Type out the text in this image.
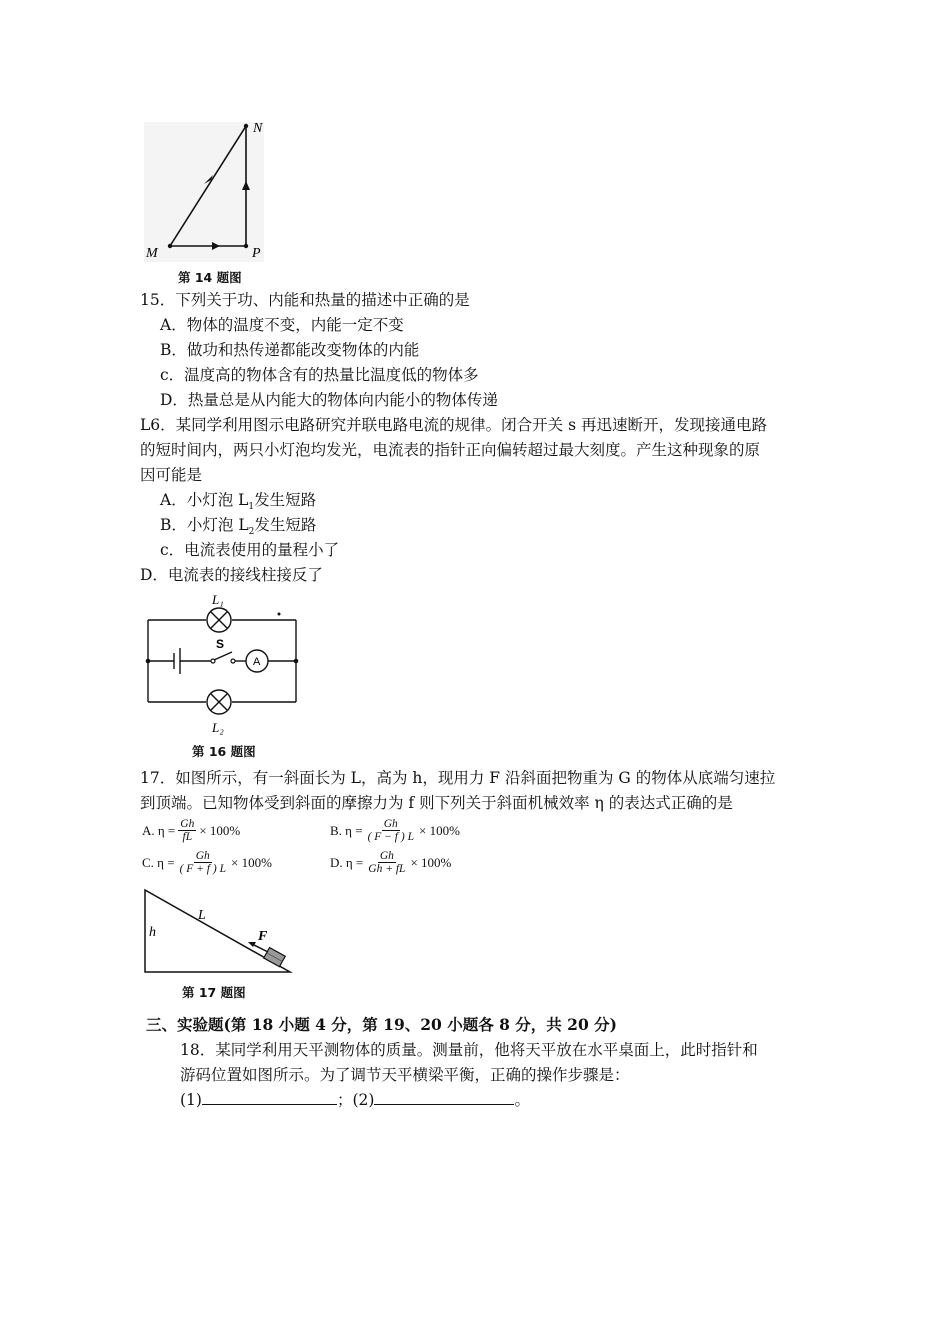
N
M	P
第 14 题图
15．下列关于功、内能和热量的描述中正确的是
A．物体的温度不变，内能一定不变
B．做功和热传递都能改变物体的内能
c．温度高的物体含有的热量比温度低的物体多
D．热量总是从内能大的物体向内能小的物体传递
L6．某同学利用图示电路研究并联电路电流的规律。闭合开关 s 再迅速断开，发现接通电路
的短时间内，两只小灯泡均发光，电流表的指针正向偏转超过最大刻度。产生这种现象的原
因可能是
A．小灯泡 $L_1$发生短路
B．小灯泡 $L_2$发生短路
c．电流表使用的量程小了
D．电流表的接线柱接反了
L₁
L₂
S
A
第 16 题图
17．如图所示，有一斜面长为 L，高为 h，现用力 F 沿斜面把物重为 G 的物体从底端匀速拉
到顶端。已知物体受到斜面的摩擦力为 f 则下列关于斜面机械效率 η 的表达式正确的是
A. $\eta = \frac{Gh}{fL} \times 100\%$	B. $\eta = \frac{Gh}{( F - f ) L} \times 100\%$
C. $\eta = \frac{Gh}{( F + f ) L} \times 100\%$	D. $\eta = \frac{Gh}{Gh + fL} \times 100\%$
L
h	F
第 17 题图
三、实验题(第 18 小题 4 分，第 19、20 小题各 8 分，共 20 分)
18．某同学利用天平测物体的质量。测量前，他将天平放在水平桌面上，此时指针和
游码位置如图所示。为了调节天平横梁平衡，正确的操作步骤是：
(1)	；(2)	。
